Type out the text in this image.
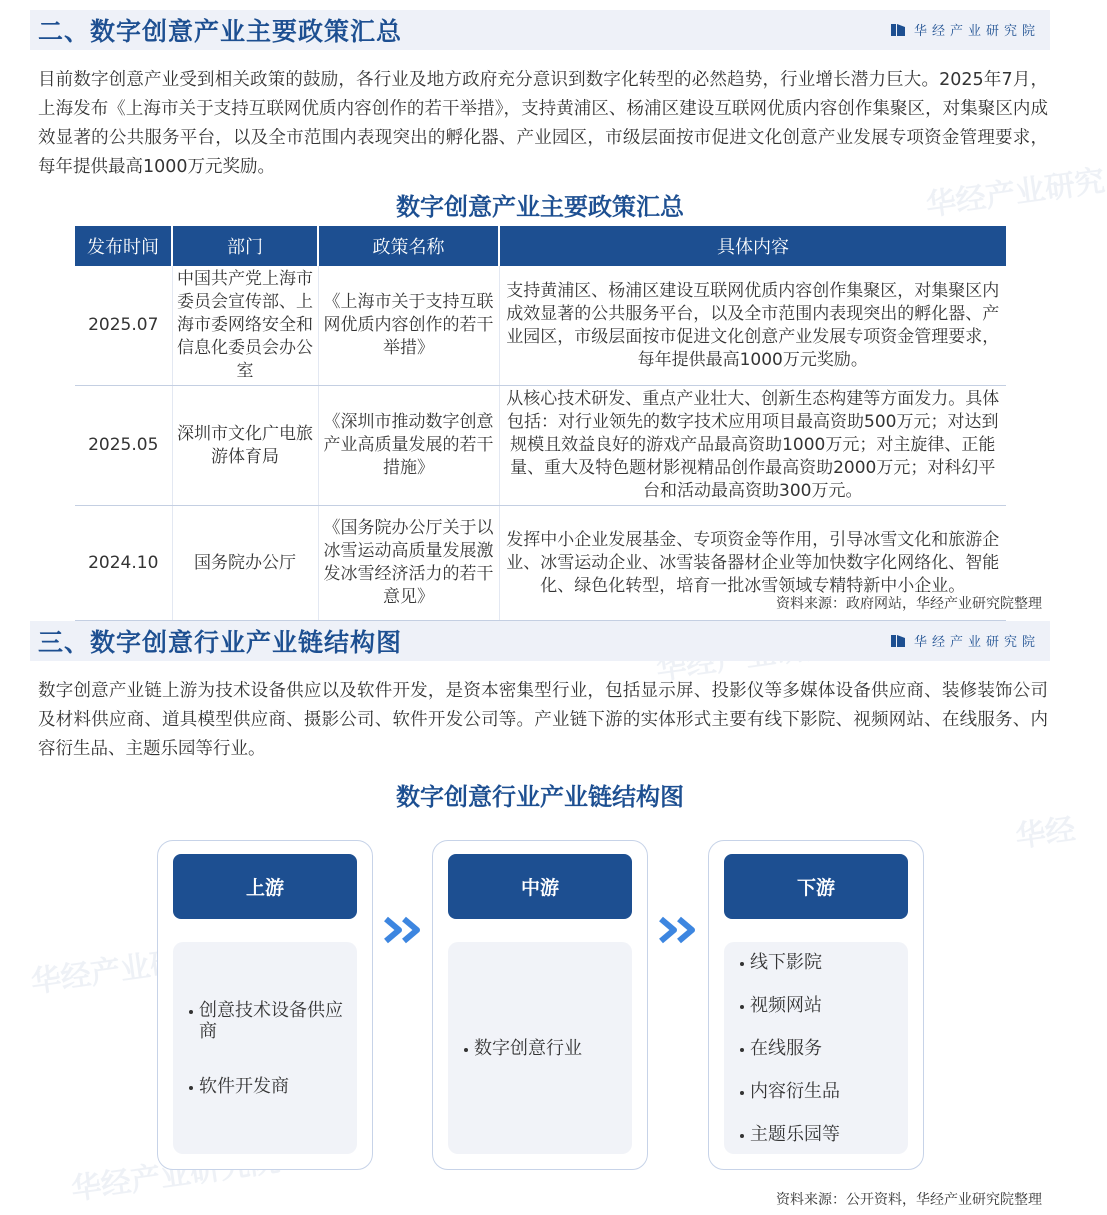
华经产业研究
华经产业研究
华经产业研究院
华经
二、数字创意产业主要政策汇总	华经产业研究院

目前数字创意产业受到相关政策的鼓励，各行业及地方政府充分意识到数字化转型的必然趋势，行业增长潜力巨大。2025年7月，上海发布《上海市关于支持互联网优质内容创作的若干举措》，支持黄浦区、杨浦区建设互联网优质内容创作集聚区，对集聚区内成效显著的公共服务平台，以及全市范围内表现突出的孵化器、产业园区，市级层面按市促进文化创意产业发展专项资金管理要求，每年提供最高1000万元奖励。

数字创意产业主要政策汇总
发布时间	部门	政策名称	具体内容
2025.07	中国共产党上海市委员会宣传部、上海市委网络安全和信息化委员会办公室	《上海市关于支持互联网优质内容创作的若干举措》	支持黄浦区、杨浦区建设互联网优质内容创作集聚区，对集聚区内成效显著的公共服务平台，以及全市范围内表现突出的孵化器、产业园区，市级层面按市促进文化创意产业发展专项资金管理要求，每年提供最高1000万元奖励。
2025.05	深圳市文化广电旅游体育局	《深圳市推动数字创意产业高质量发展的若干措施》	从核心技术研发、重点产业壮大、创新生态构建等方面发力。具体包括：对行业领先的数字技术应用项目最高资助500万元；对达到规模且效益良好的游戏产品最高资助1000万元；对主旋律、正能量、重大及特色题材影视精品创作最高资助2000万元；对科幻平台和活动最高资助300万元。
2024.10	国务院办公厅	《国务院办公厅关于以冰雪运动高质量发展激发冰雪经济活力的若干意见》	发挥中小企业发展基金、专项资金等作用，引导冰雪文化和旅游企业、冰雪运动企业、冰雪装备器材企业等加快数字化网络化、智能化、绿色化转型，培育一批冰雪领域专精特新中小企业。
资料来源：政府网站，华经产业研究院整理
三、数字创意行业产业链结构图	华经产业研究院

数字创意产业链上游为技术设备供应以及软件开发，是资本密集型行业，包括显示屏、投影仪等多媒体设备供应商、装修装饰公司及材料供应商、道具模型供应商、摄影公司、软件开发公司等。产业链下游的实体形式主要有线下影院、视频网站、在线服务、内容衍生品、主题乐园等行业。

数字创意行业产业链结构图
上游
创意技术设备供应商
软件开发商
中游
数字创意行业
下游
线下影院
视频网站
在线服务
内容衍生品
主题乐园等
资料来源：公开资料，华经产业研究院整理
